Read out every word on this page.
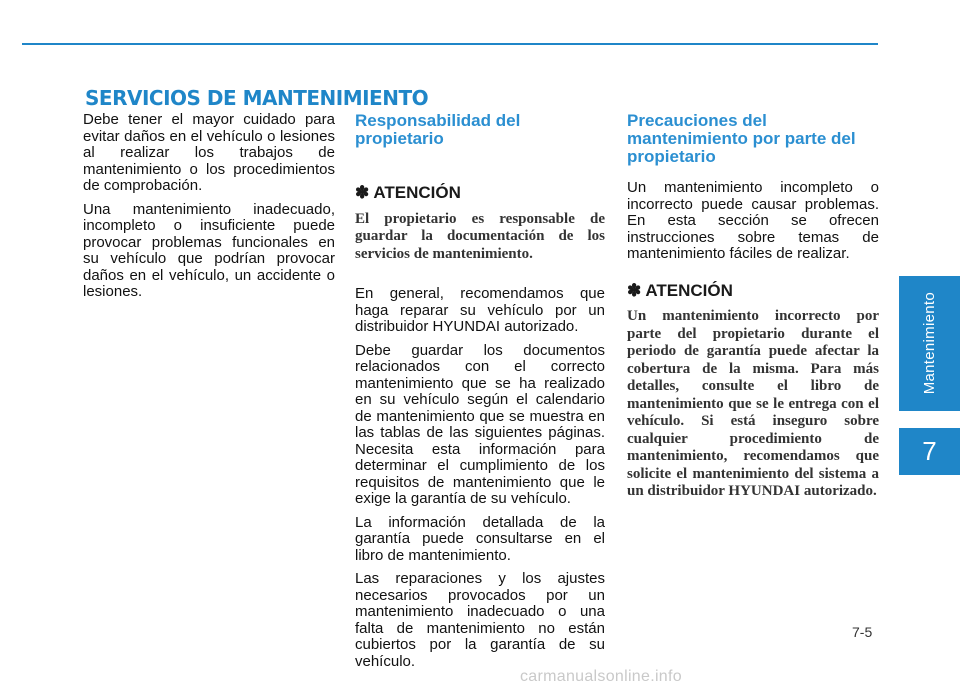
SERVICIOS DE MANTENIMIENTO

Debe tener el mayor cuidado para evitar daños en el vehículo o lesiones al realizar los trabajos de mantenimiento o los procedimientos de comprobación.

Una mantenimiento inadecuado, incompleto o insuficiente puede provocar problemas funcionales en su vehículo que podrían provocar daños en el vehículo, un accidente o lesiones.

Responsabilidad del propietario
✽ ATENCIÓN

El propietario es responsable de guardar la documentación de los servicios de mantenimiento.

En general, recomendamos que haga reparar su vehículo por un distribuidor HYUNDAI autorizado.

Debe guardar los documentos relacionados con el correcto mantenimiento que se ha realizado en su vehículo según el calendario de mantenimiento que se muestra en las tablas de las siguientes páginas. Necesita esta información para determinar el cumplimiento de los requisitos de mantenimiento que le exige la garantía de su vehículo.

La información detallada de la garantía puede consultarse en el libro de mantenimiento.

Las reparaciones y los ajustes necesarios provocados por un mantenimiento inadecuado o una falta de mantenimiento no están cubiertos por la garantía de su vehículo.

Precauciones del mantenimiento por parte del propietario

Un mantenimiento incompleto o incorrecto puede causar problemas. En esta sección se ofrecen instrucciones sobre temas de mantenimiento fáciles de realizar.

✽ ATENCIÓN

Un mantenimiento incorrecto por parte del propietario durante el periodo de garantía puede afectar la cobertura de la misma. Para más detalles, consulte el libro de mantenimiento que se le entrega con el vehículo. Si está inseguro sobre cualquier procedimiento de mantenimiento, recomendamos que solicite el mantenimiento del sistema a un distribuidor HYUNDAI autorizado.

Mantenimiento
7
7-5
carmanualsonline.info
